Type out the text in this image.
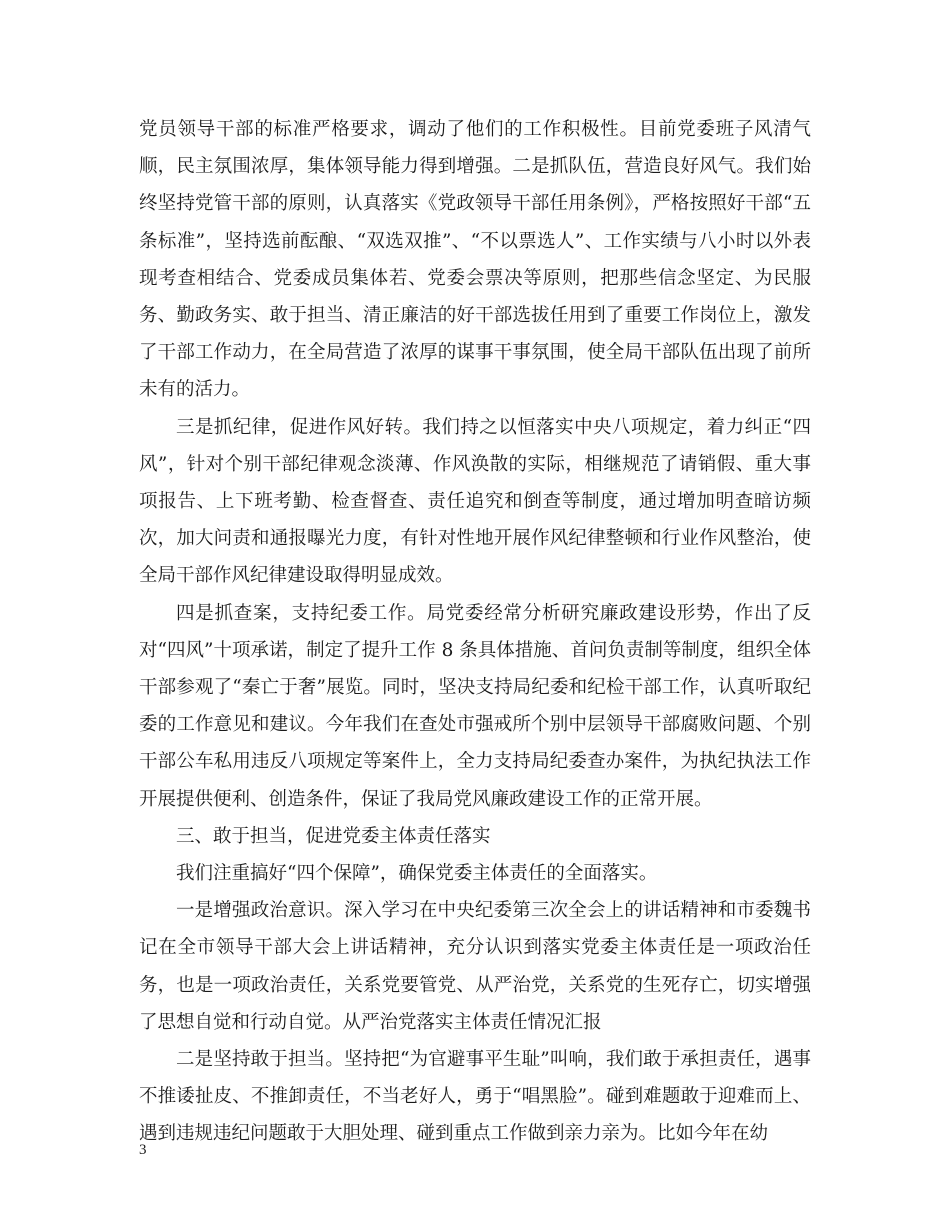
党员领导干部的标准严格要求，调动了他们的工作积极性。目前党委班子风清气顺，民主氛围浓厚，集体领导能力得到增强。二是抓队伍，营造良好风气。我们始终坚持党管干部的原则，认真落实《党政领导干部任用条例》，严格按照好干部“五条标准”，坚持选前酝酿、“双选双推”、“不以票选人”、工作实绩与八小时以外表现考查相结合、党委成员集体若、党委会票决等原则，把那些信念坚定、为民服务、勤政务实、敢于担当、清正廉洁的好干部选拔任用到了重要工作岗位上，激发了干部工作动力，在全局营造了浓厚的谋事干事氛围，使全局干部队伍出现了前所未有的活力。

三是抓纪律，促进作风好转。我们持之以恒落实中央八项规定，着力纠正“四风”，针对个别干部纪律观念淡薄、作风涣散的实际，相继规范了请销假、重大事项报告、上下班考勤、检查督查、责任追究和倒查等制度，通过增加明查暗访频次，加大问责和通报曝光力度，有针对性地开展作风纪律整顿和行业作风整治，使全局干部作风纪律建设取得明显成效。

四是抓查案，支持纪委工作。局党委经常分析研究廉政建设形势，作出了反对“四风”十项承诺，制定了提升工作 8 条具体措施、首问负责制等制度，组织全体干部参观了“秦亡于奢”展览。同时，坚决支持局纪委和纪检干部工作，认真听取纪委的工作意见和建议。今年我们在查处市强戒所个别中层领导干部腐败问题、个别干部公车私用违反八项规定等案件上，全力支持局纪委查办案件，为执纪执法工作开展提供便利、创造条件，保证了我局党风廉政建设工作的正常开展。

三、敢于担当，促进党委主体责任落实

我们注重搞好“四个保障”，确保党委主体责任的全面落实。

一是增强政治意识。深入学习在中央纪委第三次全会上的讲话精神和市委魏书记在全市领导干部大会上讲话精神，充分认识到落实党委主体责任是一项政治任务，也是一项政治责任，关系党要管党、从严治党，关系党的生死存亡，切实增强了思想自觉和行动自觉。从严治党落实主体责任情况汇报

二是坚持敢于担当。坚持把“为官避事平生耻”叫响，我们敢于承担责任，遇事不推诿扯皮、不推卸责任，不当老好人，勇于“唱黑脸”。碰到难题敢于迎难而上、遇到违规违纪问题敢于大胆处理、碰到重点工作做到亲力亲为。比如今年在幼

3
